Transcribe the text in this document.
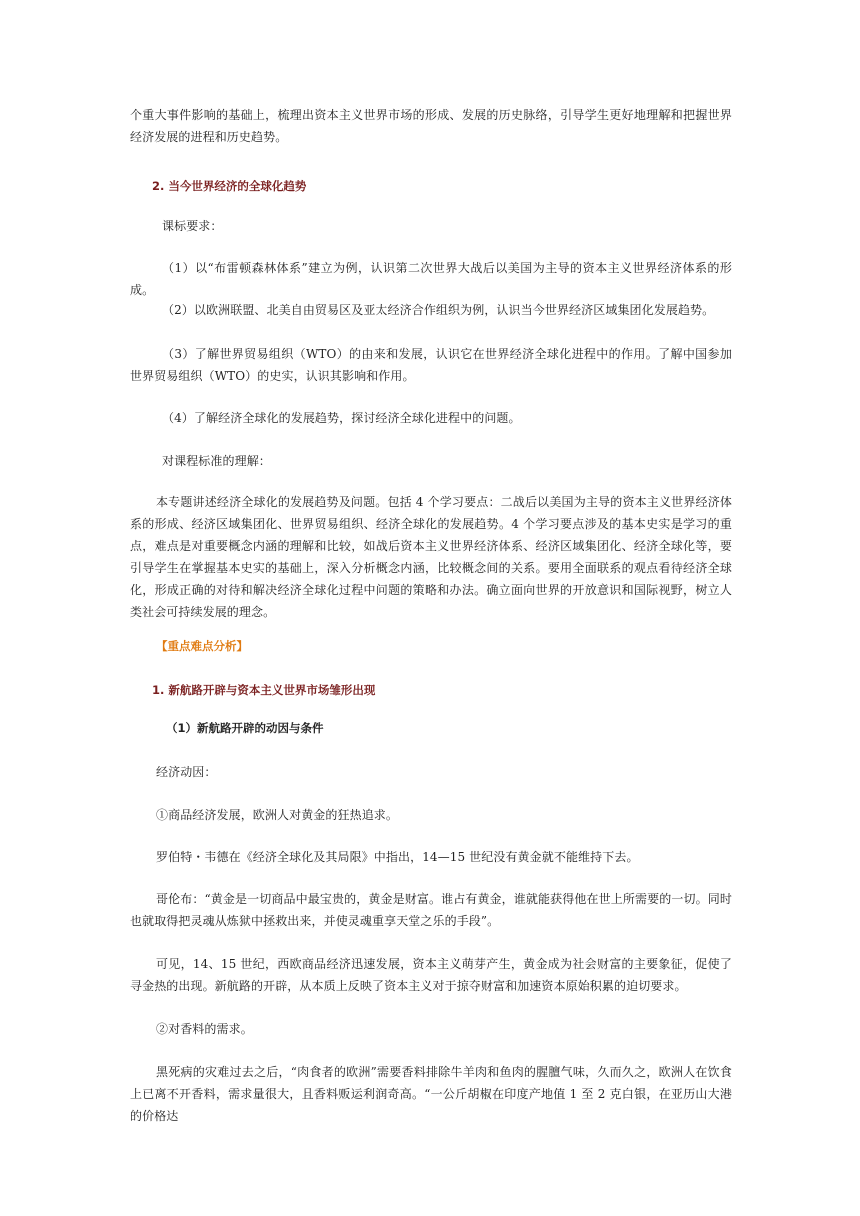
个重大事件影响的基础上，梳理出资本主义世界市场的形成、发展的历史脉络，引导学生更好地理解和把握世界经济发展的进程和历史趋势。

2. 当今世界经济的全球化趋势

课标要求：

（1）以“布雷顿森林体系”建立为例，认识第二次世界大战后以美国为主导的资本主义世界经济体系的形成。

（2）以欧洲联盟、北美自由贸易区及亚太经济合作组织为例，认识当今世界经济区域集团化发展趋势。

（3）了解世界贸易组织（WTO）的由来和发展，认识它在世界经济全球化进程中的作用。了解中国参加世界贸易组织（WTO）的史实，认识其影响和作用。

（4）了解经济全球化的发展趋势，探讨经济全球化进程中的问题。

对课程标准的理解：

本专题讲述经济全球化的发展趋势及问题。包括 4 个学习要点：二战后以美国为主导的资本主义世界经济体系的形成、经济区域集团化、世界贸易组织、经济全球化的发展趋势。4 个学习要点涉及的基本史实是学习的重点，难点是对重要概念内涵的理解和比较，如战后资本主义世界经济体系、经济区域集团化、经济全球化等，要引导学生在掌握基本史实的基础上，深入分析概念内涵，比较概念间的关系。要用全面联系的观点看待经济全球化，形成正确的对待和解决经济全球化过程中问题的策略和办法。确立面向世界的开放意识和国际视野，树立人类社会可持续发展的理念。

【重点难点分析】

1. 新航路开辟与资本主义世界市场雏形出现

（1）新航路开辟的动因与条件

经济动因：

①商品经济发展，欧洲人对黄金的狂热追求。

罗伯特・韦德在《经济全球化及其局限》中指出，14—15 世纪没有黄金就不能维持下去。

哥伦布：“黄金是一切商品中最宝贵的，黄金是财富。谁占有黄金，谁就能获得他在世上所需要的一切。同时也就取得把灵魂从炼狱中拯救出来，并使灵魂重享天堂之乐的手段”。

可见，14、15 世纪，西欧商品经济迅速发展，资本主义萌芽产生，黄金成为社会财富的主要象征，促使了寻金热的出现。新航路的开辟，从本质上反映了资本主义对于掠夺财富和加速资本原始积累的迫切要求。

②对香料的需求。

黑死病的灾难过去之后，“肉食者的欧洲”需要香料排除牛羊肉和鱼肉的腥膻气味，久而久之，欧洲人在饮食上已离不开香料，需求量很大，且香料贩运利润奇高。“一公斤胡椒在印度产地值 1 至 2 克白银，在亚历山大港的价格达
